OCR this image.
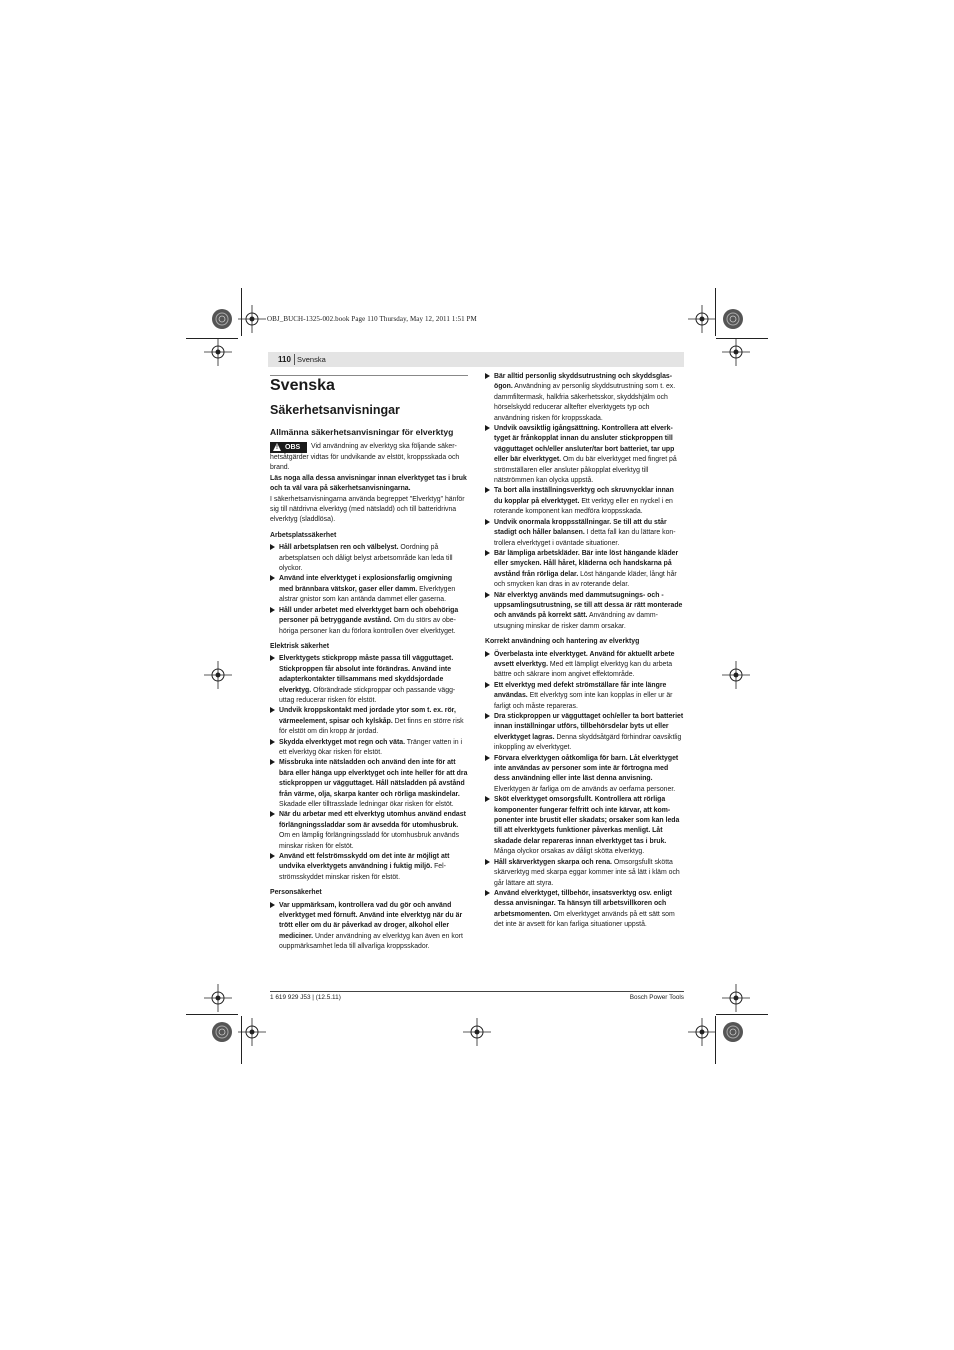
OBJ_BUCH-1325-002.book Page 110 Thursday, May 12, 2011 1:51 PM
110 Svenska
Svenska
Säkerhetsanvisningar
Allmänna säkerhetsanvisningar för elverktyg

! OBS Vid användning av elverktyg ska följande säkerhetsåtgärder vidtas för undvikande av elstöt, kroppsskada och brand.

Läs noga alla dessa anvisningar innan elverktyget tas i bruk och ta väl vara på säkerhetsanvisningarna.

I säkerhetsanvisningarna använda begreppet "Elverktyg" hänför sig till nätdrivna elverktyg (med nätsladd) och till batteridrivna elverktyg (sladdlösa).

Arbetsplatssäkerhet

Håll arbetsplatsen ren och välbelyst. Oordning på arbetsplatsen och dåligt belyst arbetsområde kan leda till olyckor.

Använd inte elverktyget i explosionsfarlig omgivning med brännbara vätskor, gaser eller damm. Elverktygen alstrar gnistor som kan antända dammet eller gaserna.

Håll under arbetet med elverktyget barn och obehöriga personer på betryggande avstånd. Om du störs av obehöriga personer kan du förlora kontrollen över elverktyget.

Elektrisk säkerhet

Elverktygets stickpropp måste passa till vägguttaget. Stickproppen får absolut inte förändras. Använd inte adapterkontakter tillsammans med skyddsjordade elverktyg. Oförändrade stickproppar och passande vägguttag reducerar risken för elstöt.

Undvik kroppskontakt med jordade ytor som t. ex. rör, värmeelement, spisar och kylskåp. Det finns en större risk för elstöt om din kropp är jordad.

Skydda elverktyget mot regn och väta. Tränger vatten in i ett elverktyg ökar risken för elstöt.

Missbruka inte nätsladden och använd den inte för att bära eller hänga upp elverktyget och inte heller för att dra stickproppen ur vägguttaget. Håll nätsladden på avstånd från värme, olja, skarpa kanter och rörliga maskindelar. Skadade eller tilltrasslade ledningar ökar risken för elstöt.

När du arbetar med ett elverktyg utomhus använd endast förlängningssladdar som är avsedda för utomhusbruk. Om en lämplig förlängningssladd för utomhusbruk används minskar risken för elstöt.

Använd ett felströmsskydd om det inte är möjligt att undvika elverktygets användning i fuktig miljö. Felströmsskyddet minskar risken för elstöt.

Personsäkerhet

Var uppmärksam, kontrollera vad du gör och använd elverktyget med förnuft. Använd inte elverktyg när du är trött eller om du är påverkad av droger, alkohol eller mediciner. Under användning av elverktyg kan även en kort ouppmärksamhet leda till allvarliga kroppsskador.

Bär alltid personlig skyddsutrustning och skyddsglasögon. Användning av personlig skyddsutrustning som t. ex. dammfiltermask, halkfria säkerhetsskor, skyddshjälm och hörselskydd reducerar alltefter elverktygets typ och användning risken för kroppsskada.

Undvik oavsiktlig igångsättning. Kontrollera att elverktyget är frånkopplat innan du ansluter stickproppen till vägguttaget och/eller ansluter/tar bort batteriet, tar upp eller bär elverktyget. Om du bär elverktyget med fingret på strömställaren eller ansluter påkopplat elverktyg till nätströmmen kan olycka uppstå.

Ta bort alla inställningsverktyg och skruvnycklar innan du kopplar på elverktyget. Ett verktyg eller en nyckel i en roterande komponent kan medföra kroppsskada.

Undvik onormala kroppsställningar. Se till att du står stadigt och håller balansen. I detta fall kan du lättare kontrollera elverktyget i oväntade situationer.

Bär lämpliga arbetskläder. Bär inte löst hängande kläder eller smycken. Håll håret, kläderna och handskarna på avstånd från rörliga delar. Löst hängande kläder, långt hår och smycken kan dras in av roterande delar.

När elverktyg används med dammutsugnings- och -uppsamlingsutrustning, se till att dessa är rätt monterade och används på korrekt sätt. Användning av dammutsugning minskar de risker damm orsakar.

Korrekt användning och hantering av elverktyg

Överbelasta inte elverktyget. Använd för aktuellt arbete avsett elverktyg. Med ett lämpligt elverktyg kan du arbeta bättre och säkrare inom angivet effektområde.

Ett elverktyg med defekt strömställare får inte längre användas. Ett elverktyg som inte kan kopplas in eller ur är farligt och måste repareras.

Dra stickproppen ur vägguttaget och/eller ta bort batteriet innan inställningar utförs, tillbehörsdelar byts ut eller elverktyget lagras. Denna skyddsåtgärd förhindrar oavsiktlig inkoppling av elverktyget.

Förvara elverktygen oåtkomliga för barn. Låt elverktyget inte användas av personer som inte är förtrogna med dess användning eller inte läst denna anvisning. Elverktygen är farliga om de används av oerfarna personer.

Sköt elverktyget omsorgsfullt. Kontrollera att rörliga komponenter fungerar felfritt och inte kärvar, att komponenter inte brustit eller skadats; orsaker som kan leda till att elverktygets funktioner påverkas menligt. Låt skadade delar repareras innan elverktyget tas i bruk. Många olyckor orsakas av dåligt skötta elverktyg.

Håll skärverktygen skarpa och rena. Omsorgsfullt skötta skärverktyg med skarpa eggar kommer inte så lätt i kläm och går lättare att styra.

Använd elverktyget, tillbehör, insatsverktyg osv. enligt dessa anvisningar. Ta hänsyn till arbetsvillkoren och arbetsmomenten. Om elverktyget används på ett sätt som det inte är avsett för kan farliga situationer uppstå.

1 619 929 J53 | (12.5.11)	Bosch Power Tools
